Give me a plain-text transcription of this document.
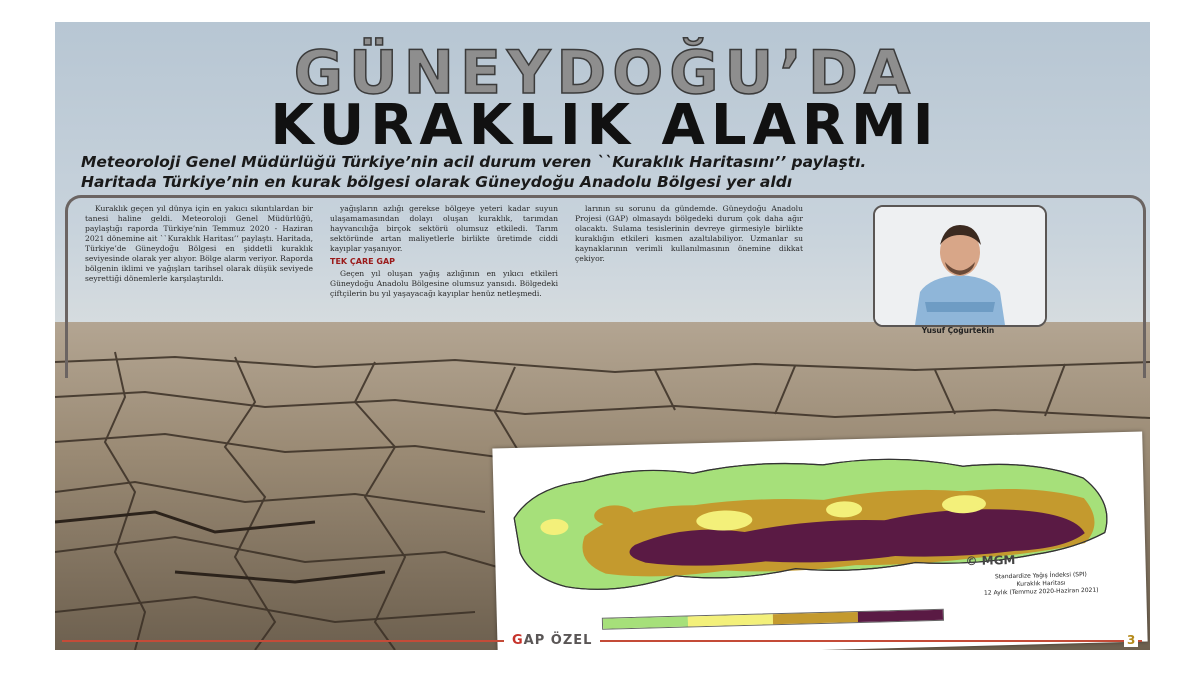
GÜNEYDOĞU’DA
KURAKLIK ALARMI
Meteoroloji Genel Müdürlüğü Türkiye’nin acil durum veren ``Kuraklık Haritasını’’ paylaştı.
Haritada Türkiye’nin en kurak bölgesi olarak Güneydoğu Anadolu Bölgesi yer aldı

Kuraklık geçen yıl dünya için en yakıcı sıkıntılardan bir tanesi haline geldi. Meteoroloji Genel Müdürlüğü, paylaştığı raporda Türkiye’nin Temmuz 2020 - Haziran 2021 dönemine ait ``Kuraklık Haritası’’ paylaştı. Haritada, Türkiye’de Güneydoğu Bölgesi en şiddetli kuraklık seviyesinde olarak yer alıyor. Bölge alarm veriyor. Raporda bölgenin iklimi ve yağışları tarihsel olarak düşük seviyede seyrettiği dönemlerle karşılaştırıldı.

yağışların azlığı gerekse bölgeye yeteri kadar suyun ulaşamamasından dolayı oluşan kuraklık, tarımdan hayvancılığa birçok sektörü olumsuz etkiledi. Tarım sektöründe artan maliyetlerle birlikte üretimde ciddi kayıplar yaşanıyor.

TEK ÇARE GAP

Geçen yıl oluşan yağış azlığının en yıkıcı etkileri Güneydoğu Anadolu Bölgesine olumsuz yansıdı. Bölgedeki çiftçilerin bu yıl yaşayacağı kayıplar henüz netleşmedi.

larının su sorunu da gündemde. Güneydoğu Anadolu Projesi (GAP) olmasaydı bölgedeki durum çok daha ağır olacaktı. Sulama tesislerinin devreye girmesiyle birlikte kuraklığın etkileri kısmen azaltılabiliyor. Uzmanlar su kaynaklarının verimli kullanılmasının önemine dikkat çekiyor.

Yusuf Çoğurtekin
© MGM
Standardize Yağış İndeksi (SPI)
Kuraklık Haritası
12 Aylık (Temmuz 2020-Haziran 2021)
GAP ÖZEL	3
